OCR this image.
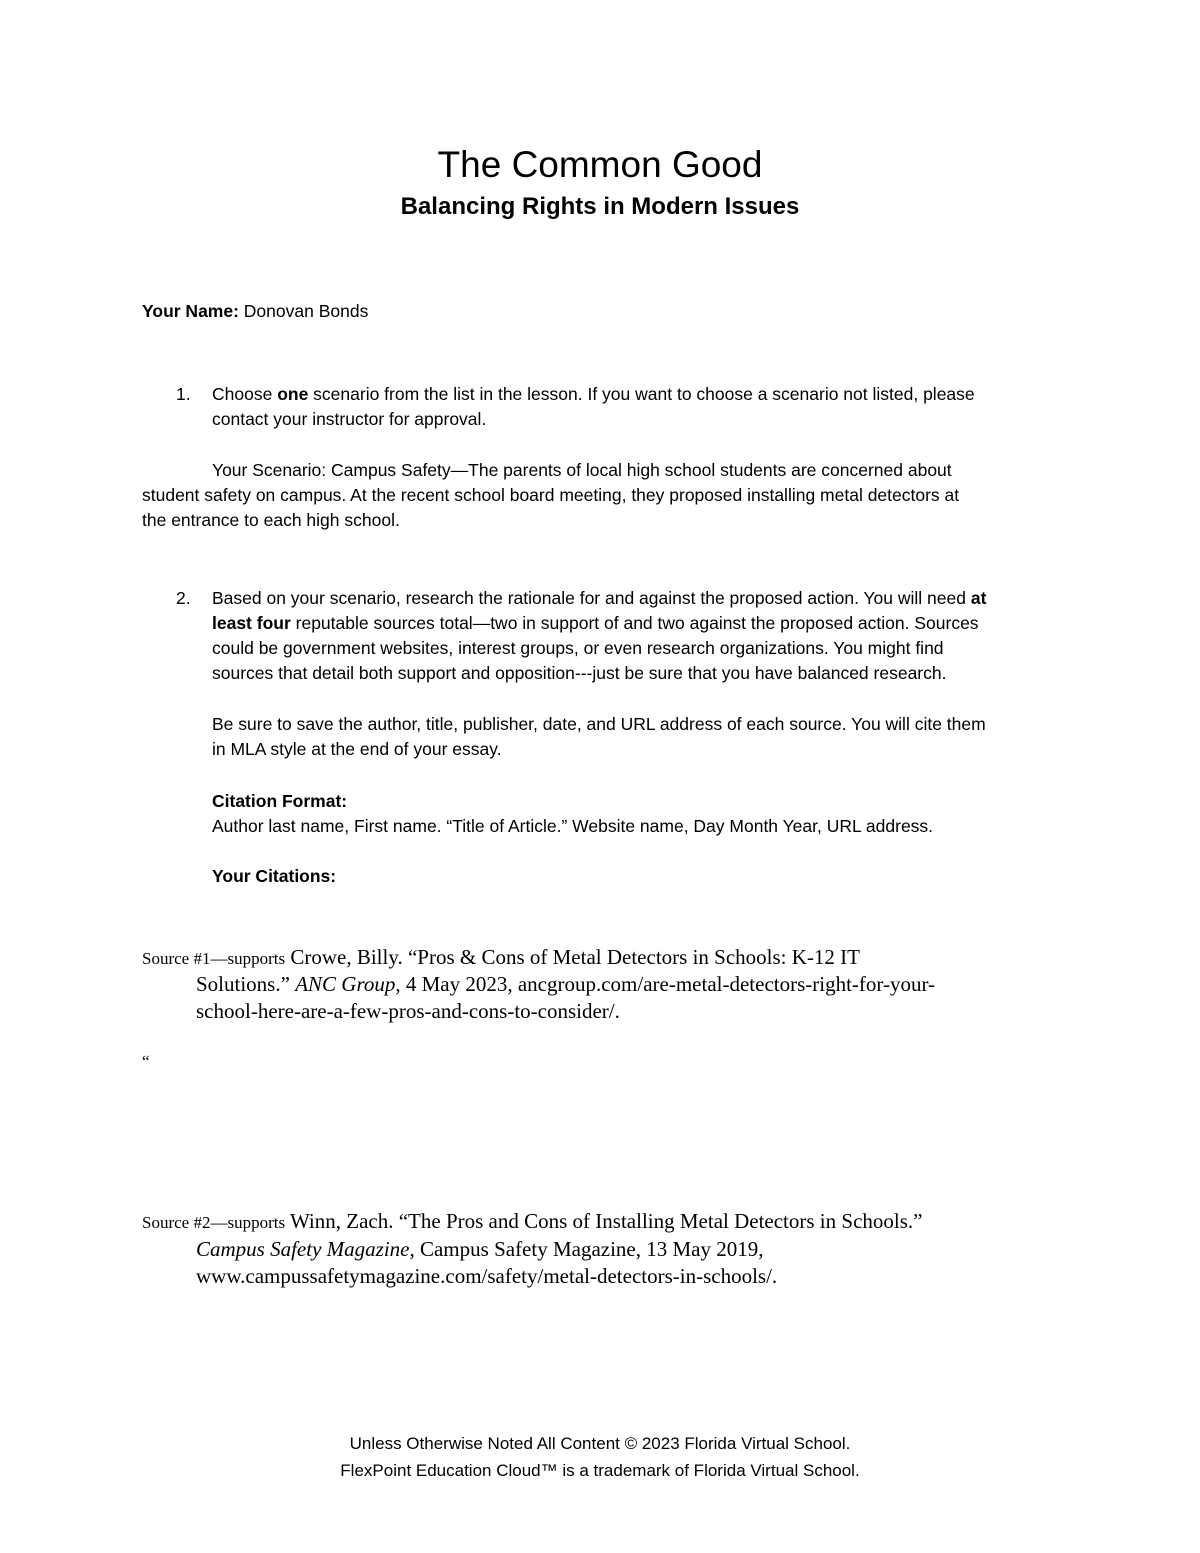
The Common Good
Balancing Rights in Modern Issues
Your Name: Donovan Bonds
1. Choose one scenario from the list in the lesson. If you want to choose a scenario not listed, please
contact your instructor for approval.
Your Scenario: Campus Safety—The parents of local high school students are concerned about
student safety on campus. At the recent school board meeting, they proposed installing metal detectors at
the entrance to each high school.
2. Based on your scenario, research the rationale for and against the proposed action. You will need at
least four reputable sources total—two in support of and two against the proposed action. Sources
could be government websites, interest groups, or even research organizations. You might find
sources that detail both support and opposition---just be sure that you have balanced research.
Be sure to save the author, title, publisher, date, and URL address of each source. You will cite them
in MLA style at the end of your essay.
Citation Format:
Author last name, First name. “Title of Article.” Website name, Day Month Year, URL address.
Your Citations:
Source #1—supports Crowe, Billy. “Pros & Cons of Metal Detectors in Schools: K-12 IT
Solutions.” ANC Group, 4 May 2023, ancgroup.com/are-metal-detectors-right-for-your-
school-here-are-a-few-pros-and-cons-to-consider/.
“
Source #2—supports Winn, Zach. “The Pros and Cons of Installing Metal Detectors in Schools.”
Campus Safety Magazine, Campus Safety Magazine, 13 May 2019,
www.campussafetymagazine.com/safety/metal-detectors-in-schools/.
Unless Otherwise Noted All Content © 2023 Florida Virtual School.
FlexPoint Education Cloud™ is a trademark of Florida Virtual School.
